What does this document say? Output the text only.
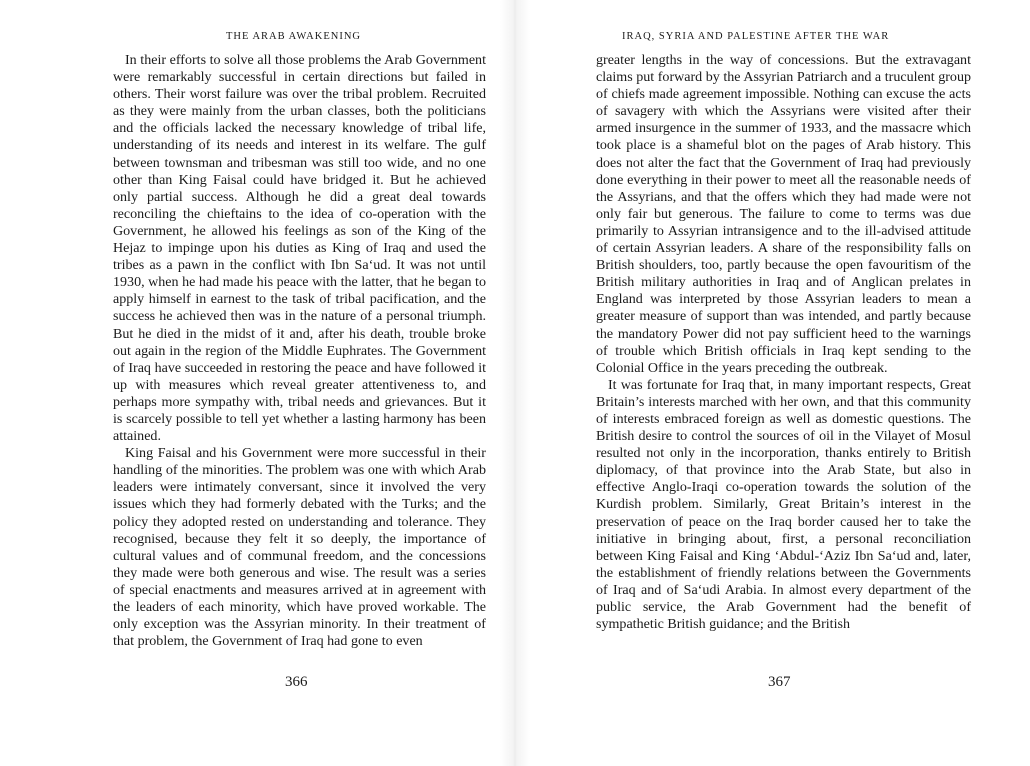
THE ARAB AWAKENING

In their efforts to solve all those problems the Arab Government were remarkably successful in certain directions but failed in others. Their worst failure was over the tribal problem. Recruited as they were mainly from the urban classes, both the politicians and the officials lacked the necessary knowledge of tribal life, understanding of its needs and interest in its welfare. The gulf between townsman and tribesman was still too wide, and no one other than King Faisal could have bridged it. But he achieved only partial success. Although he did a great deal towards reconciling the chieftains to the idea of co-operation with the Government, he allowed his feelings as son of the King of the Hejaz to impinge upon his duties as King of Iraq and used the tribes as a pawn in the conflict with Ibn Sa‘ud. It was not until 1930, when he had made his peace with the latter, that he began to apply himself in earnest to the task of tribal pacification, and the success he achieved then was in the nature of a personal triumph. But he died in the midst of it and, after his death, trouble broke out again in the region of the Middle Euphrates. The Government of Iraq have succeeded in restoring the peace and have followed it up with measures which reveal greater attentiveness to, and perhaps more sympathy with, tribal needs and grievances. But it is scarcely possible to tell yet whether a lasting harmony has been attained.

King Faisal and his Government were more successful in their handling of the minorities. The problem was one with which Arab leaders were intimately conversant, since it involved the very issues which they had formerly debated with the Turks; and the policy they adopted rested on understanding and tolerance. They recognised, because they felt it so deeply, the importance of cultural values and of communal freedom, and the concessions they made were both generous and wise. The result was a series of special enactments and measures arrived at in agreement with the leaders of each minority, which have proved workable. The only exception was the Assyrian minority. In their treatment of that problem, the Government of Iraq had gone to even

366
IRAQ, SYRIA AND PALESTINE AFTER THE WAR

greater lengths in the way of concessions. But the extravagant claims put forward by the Assyrian Patriarch and a truculent group of chiefs made agreement impossible. Nothing can excuse the acts of savagery with which the Assyrians were visited after their armed insurgence in the summer of 1933, and the massacre which took place is a shameful blot on the pages of Arab history. This does not alter the fact that the Government of Iraq had previously done everything in their power to meet all the reasonable needs of the Assyrians, and that the offers which they had made were not only fair but generous. The failure to come to terms was due primarily to Assyrian intransigence and to the ill-advised attitude of certain Assyrian leaders. A share of the responsibility falls on British shoulders, too, partly because the open favouritism of the British military authorities in Iraq and of Anglican prelates in England was interpreted by those Assyrian leaders to mean a greater measure of support than was intended, and partly because the mandatory Power did not pay sufficient heed to the warnings of trouble which British officials in Iraq kept sending to the Colonial Office in the years preceding the outbreak.

It was fortunate for Iraq that, in many important respects, Great Britain’s interests marched with her own, and that this community of interests embraced foreign as well as domestic questions. The British desire to control the sources of oil in the Vilayet of Mosul resulted not only in the incorporation, thanks entirely to British diplomacy, of that province into the Arab State, but also in effective Anglo-Iraqi co-operation towards the solution of the Kurdish problem. Similarly, Great Britain’s interest in the preservation of peace on the Iraq border caused her to take the initiative in bringing about, first, a personal reconciliation between King Faisal and King ‘Abdul-‘Aziz Ibn Sa‘ud and, later, the establishment of friendly relations between the Governments of Iraq and of Sa‘udi Arabia. In almost every department of the public service, the Arab Government had the benefit of sympathetic British guidance; and the British

367
